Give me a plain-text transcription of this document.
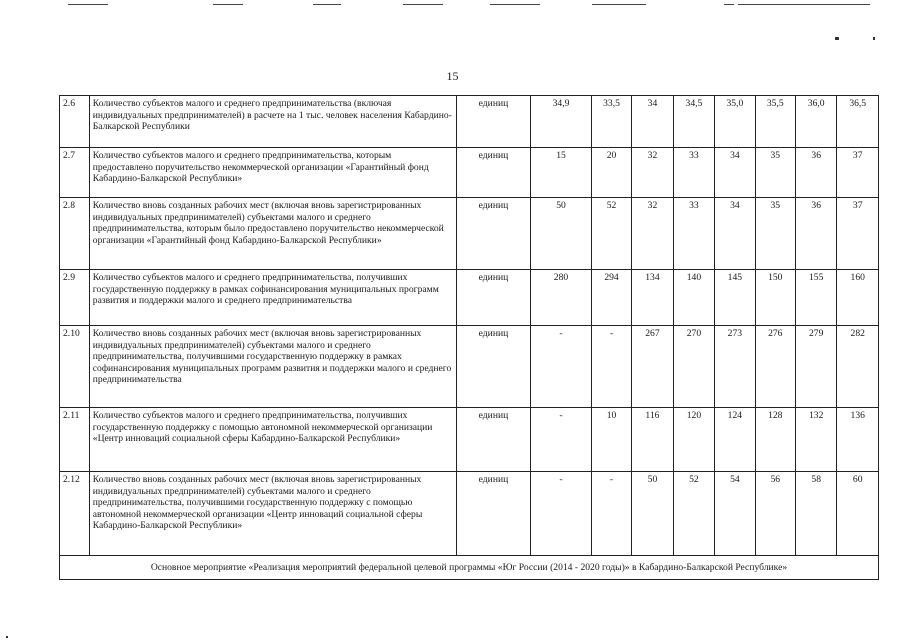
15
2.6	Количество субъектов малого и среднего предпринимательства (включая индивидуальных предпринимателей) в расчете на 1 тыс. человек населения Кабардино-Балкарской Республики	единиц	34,9	33,5	34	34,5	35,0	35,5	36,0	36,5
2.7	Количество субъектов малого и среднего предпринимательства, которым предоставлено поручительство некоммерческой организации «Гарантийный фонд Кабардино-Балкарской Республики»	единиц	15	20	32	33	34	35	36	37
2.8	Количество вновь созданных рабочих мест (включая вновь зарегистрированных индивидуальных предпринимателей) субъектами малого и среднего предпринимательства, которым было предоставлено поручительство некоммерческой организации «Гарантийный фонд Кабардино-Балкарской Республики»	единиц	50	52	32	33	34	35	36	37
2.9	Количество субъектов малого и среднего предпринимательства, получивших государственную поддержку в рамках софинансирования муниципальных программ развития и поддержки малого и среднего предпринимательства	единиц	280	294	134	140	145	150	155	160
2.10	Количество вновь созданных рабочих мест (включая вновь зарегистрированных индивидуальных предпринимателей) субъектами малого и среднего предпринимательства, получившими государственную поддержку в рамках софинансирования муниципальных программ развития и поддержки малого и среднего предпринимательства	единиц	-	-	267	270	273	276	279	282
2.11	Количество субъектов малого и среднего предпринимательства, получивших государственную поддержку с помощью автономной некоммерческой организации «Центр инноваций социальной сферы Кабардино-Балкарской Республики»	единиц	-	10	116	120	124	128	132	136
2.12	Количество вновь созданных рабочих мест (включая вновь зарегистрированных индивидуальных предпринимателей) субъектами малого и среднего предпринимательства, получившими государственную поддержку с помощью автономной некоммерческой организации «Центр инноваций социальной сферы Кабардино-Балкарской Республики»	единиц	-	-	50	52	54	56	58	60
Основное мероприятие «Реализация мероприятий федеральной целевой программы «Юг России (2014 - 2020 годы)» в Кабардино-Балкарской Республике»										
